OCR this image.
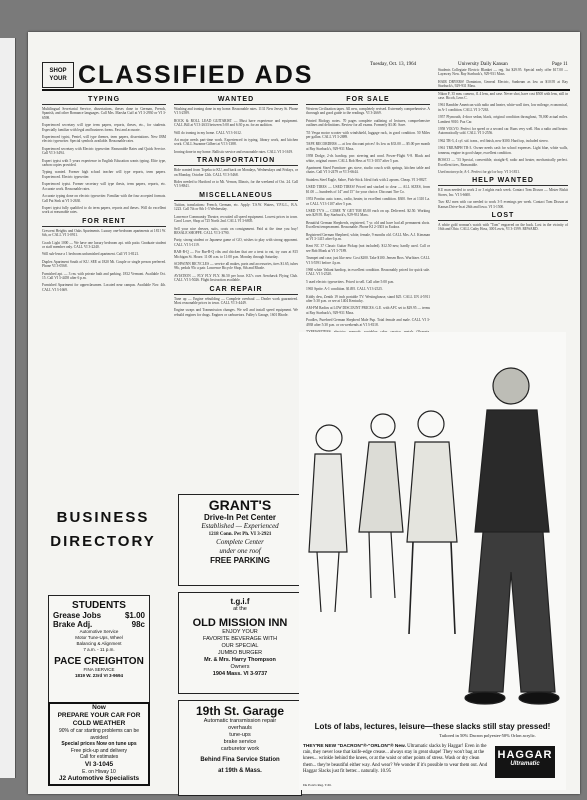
SHOP YOUR CLASSIFIED ADS	Tuesday, Oct. 13, 1964	University Daily Kansan	Page 11
TYPING
Multilingual Secretarial Service, dissertations, theses done in German, French, Spanish, and other Romance languages. Call Mrs. Marsha Cuff at VI 3-2930 or VI 3-6598.
Experienced secretary will type term papers, reports, theses, etc., for students. Especially familiar with legal and business forms. Fast and accurate.
Experienced typist, Pentel, will type themes, term papers, dissertations. New IBM electric typewriter. Special symbols available. Reasonable rates.
Experienced secretary with Electric typewriter. Reasonable Rates and Quick Service. Call VI 3-3494.
Expert typist with 5 years experience in English Education wants typing. Elite type, carbon copies provided.
Typing wanted. Former high school teacher will type reports, term papers. Experienced. Electric typewriter.
Experienced typist. Former secretary will type thesis, term papers, reports, etc. Accurate work. Reasonable rates.
Accurate typing done on electric typewriter. Familiar with the four accepted formats. Call Pat Sink at VI 3-2630.
Expert typist fully qualified to do term papers, reports and theses. Will do excellent work at reasonable rates.
FOR RENT
Crescent Heights and Oaks Apartments. Luxury one-bedroom apartments at 1811 W. 6th, or CALL VI 3-0911.
Coach Light 1000 — We have one luxury bedroom apt. with patio. Graduate student or staff member only. CALL VI 3-2240.
Will sub-lease a 1 bedroom unfurnished apartment. Call VI 3-8121.
Duplex Apartment South of KU. SEE at 1820 Mt. Couple or single person preferred. Phone VI 3-0568.
Furnished apt. — 3 rm. with private bath and parking. 1832 Vermont. Available Oct. 15. Call VI 3-4458 after 6 p.m.
Furnished Apartment for upperclassmen. Located near campus. Available Nov. 4th. CALL VI 3-1669.
WANTED
Washing and ironing done in my home. Reasonable rates. 1131 New Jersey St. Phone VI 3-2589.
ROCK & ROLL LEAD GUITARIST — Must have experience and equipment. CALL Bill at VI 3-2633 between 5:00 and 6:30 p.m. for an audition.
Will do ironing in my home. CALL VI 3-1612.
Art major needs part-time work. Experienced in typing, library work, and kitchen work. CALL Suzanne Gilbert at VI 3-1388.
Ironing done in my home. Ballistic service and reasonable rates. CALL VI 3-1619.
TRANSPORTATION
Ride wanted from Topeka to KU, and back on Mondays, Wednesdays and Fridays, or on Monday, October 12th. CALL VI 3-5468.
Rides needed to Hartford or to Mt. Vernon, Illinois, for the weekend of Oct. 24. Call VI 3-8841.
MISCELLANEOUS
Tuition, translations: French, German, etc. Apply: T.S.W. Waters, Y.P.G.L., B.A. 1223. Call 7th or 8th 1-3 Wednesday.
Lawrence Community Theatre, recruited all speed equipment. Lowest prices in town. Carol Lowe, Shop at 725 North 2nd. CALL VI 3-6805.
Sell your nice dresses, suits, coats on consignment. Paid at the time you buy! RESALE SHOPPE. CALL VI 3-3790.
Party, strong student or Japanese game of GO, wishes to play with strong opponent. CALL VI 3-1119.
BAR-B-Q — For Bar-B-Q ribs and chicken that are a treat to eat, try ours at 815 Michigan St. Hours: 11:00 a.m. to 11:00 p.m. Monday through Saturday.
SCHWINN BICYCLES — service all makes, parts and accessories, tires $1.65, tubes 98c, pedals 95c a pair. Lawrence Bicycle Shop, 8th and Rhode.
AVIATION — FLY FLY FLY. $6.50 per hour. KU's own Aerohawk Flying Club. CALL VI 3-5026. Flight Instruction available.
CAR REPAIR
Tune up — Engine rebuilding — Complete overhaul — Dealer work guaranteed. Most reasonable prices in town. CALL VI 3-4449.
Engine swaps and Transmission changes. We sell and install speed equipment. We rebuild engines for drags. Engines or carburetors. Falley's Garage, 1601 Rhode.
FOR SALE
Western Civilization tapes. All new, completely revised. Extremely comprehensive. A thorough and good guide to the readings. VI 3-2669.
Printed Biology notes. 70 pages complete outlining of lectures, comprehensive outlines and definitions. Review for all exams. Formerly $3.00. Save.
'55 Vespa motor scooter with windshield, luggage rack, in good condition. 50 Miles per gallon. CALL VI 3-2889.
TAPE RECORDERS — at low discount prices! As low as $33.00 — $5.00 per month at Bay Starbuck's, 929-931 Mass.
1958 Dodge, 2-dr. hardtop, pwr. steering and cond. Power-Flight V-8. Black and white, original owner. CALL Bob Hess at VI 3-1057 after 5 p.m.
Apartment Sized Furniture: gas stove, studio couch with springs, kitchen table and chairs. Call VI 3-2479 or VI 3-6644.
Stainless Steel Eagle, Sabre, Fish-Stick. Ideal fork with 2 aprons. Cheap. VI 3-8827.
USED TIRES — USED TIRES! Priced and stacked to clear — ALL SIZES, from $1.00 — hundreds of 14" and 15" for your choice. Discount Tire Co.
1953 Pontiac auto. trans., radio, heater, in excellent condition. $300. See at 1310 La. or CALL VI 3-1107 after 5 p.m.
USED TV'S — COME 'N' GET 'EM $5.00 each on up. Delivered. $2.50. Working sets $29.95. Ray Starbuck's, 929-931 Mass.
Beautiful German Shepherds, registered, 7 yr. old and have had all permanent shots. Excellent temperament. Reasonable. Phone KI 2-3303 in Eudora.
Registered German Shepherd, white, female, 9 months old. CALL Mrs. A.J. Kinsman at VI 3-1415 after 6 p.m.
Kent NC 37 Classic Guitar Pickup (not included). $12.50 new, hardly used. Call or see Bob Monk at VI 3-7189.
Trumpet and case, just like new. Cost $200. Take $100. Jensen Bros. Wurlitzer. CALL VI 3-5591 before 4 p.m.
1960 white Valiant hardtop, in excellent condition. Reasonably priced for quick sale. CALL VI 3-2520.
5 used electric typewriters. Priced to sell. Call after 5:00 p.m.
1965 Sprite. A-1 condition. $1495. CALL VI 3-2525.
Kiddy dew, Zenith 19 inch portable TV. Westinghouse, stand $25. CALL UN 4-5911 after 5:30 p.m. or see at 1404 Kentucky.
AM-FM Radios at LOW DISCOUNT PRICES. G.E. with AFC set to $29.95 — terms at Ray Starbuck's, 929-931 Mass.
Poodles, Purebred German Shepherd Male Pup. Total female and male. CALL VI 3-4938 after 5:30 p.m. or on weekends at VI 3-8118.
Students Collegiate Electric Blanket — reg. list $29.95. Special early offer $17.00 — Layaway Now. Ray Starbuck's, 929-931 Mass.
HAIR DRYERS! Dominion, General Electric, Sunbeam as low as $10.95 at Ray Starbuck's, 929-931 Mass.
Nikon F, 35 mm. camera, f1.4 lens, and case. Never shot, have cost $500 with lens, still in case. Ricoh, Lens C.
1961 Rambler American with radio and heater, white-wall tires, low mileage, economical, in A-1 condition. CALL VI 3-7263.
1957 Plymouth, 4-door sedan, black, original condition throughout, 78,000 actual miles. Lambert 9010. Pax Car.
1958 VOLVO. Perfect for speed or a second car. Runs very well. Has a radio and heater. Automatically sold. CALL VI 3-2556.
1962 TR-3, 4 cyl. std. trans., red finish, new $300. Hard top, included stereo.
1961 TRIUMPH TR-3. Owner needs cash for school expenses. Light blue, white walls, tonneau, engine in good shape, excellent condition.
BOSCO — '53 Special, convertible, straight-8, radio and heater, mechanically perfect. Excellent tires, Reasonable.
Used motorcycle, A-1. Perfect for girl or boy. VI 3-1811.
HELP WANTED
KU man needed to work 2 or 3 nights each week. Contact Tom Dixson — Mister Biskit Stores, Inc. VI 3-6600.
Two KU men with car needed to work 3-5 evenings per week. Contact Tom Dixson at Kansas Drive-In at 26th and Iowa. VI 3-1500.
LOST
A white gold woman's watch with "Tom" engraved on the back. Lost in the vicinity of 16th and Ohio. CALL Cathy Hoss, 300 Lewis, VI 3-1599. REWARD.
BUSINESS
DIRECTORY
STUDENTS
Grease Jobs	$1.00
Brake Adj.	98c
Automotive Service
Motor Tune-Ups, Wheel
Balancing & Alignment
7 a.m. - 11 p.m.
PACE CREIGHTON
FINA SERVICE
1819 W. 23rd VI 3-9694
Now
PREPARE YOUR CAR FOR
COLD WEATHER
90% of car starting problems can be avoided
Special prices Now on tune ups
Free pick-up and delivery
Call for estimates
VI 3-1045
E. on Hiway 10
J2 Automotive Specialists
GRANT'S
Drive-In Pet Center
Established — Experienced
1218 Conn. Pet Ph. VI 3-2921
Complete Center
under one roof
FREE PARKING
t.g.i.f
at the
OLD MISSION INN
ENJOY YOUR
FAVORITE BEVERAGE WITH
OUR SPECIAL
JUMBO BURGER
Mr. & Mrs. Harry Thompson
Owners
1904 Mass. VI 3-9737
19th St. Garage
Automatic transmission repair
overhauls
tune-ups
brake service
carburetor work
Behind Fina Service Station
at 19th & Mass.
Lots of labs, lectures, leisure—these slacks still stay pressed!
Tailored in 50% Dacron polyester-50% Orlon acrylic.
THEY'RE NEW "DACRON"®-"ORLON"® New. Ultramatic slacks by Haggar! Even in the rain, they never lose that knife-edge crease... always stay in great shape! They won't bag at the knees... wrinkle behind the knees, or at the waist or other points of stress. Wash or dry clean them... they're beautiful either way. And wear? We wonder if it's possible to wear them out. And Haggar Slacks just fit better... naturally. 10.95
HAGGAR
Ultramatic
Du Pont's Reg. T.M.
